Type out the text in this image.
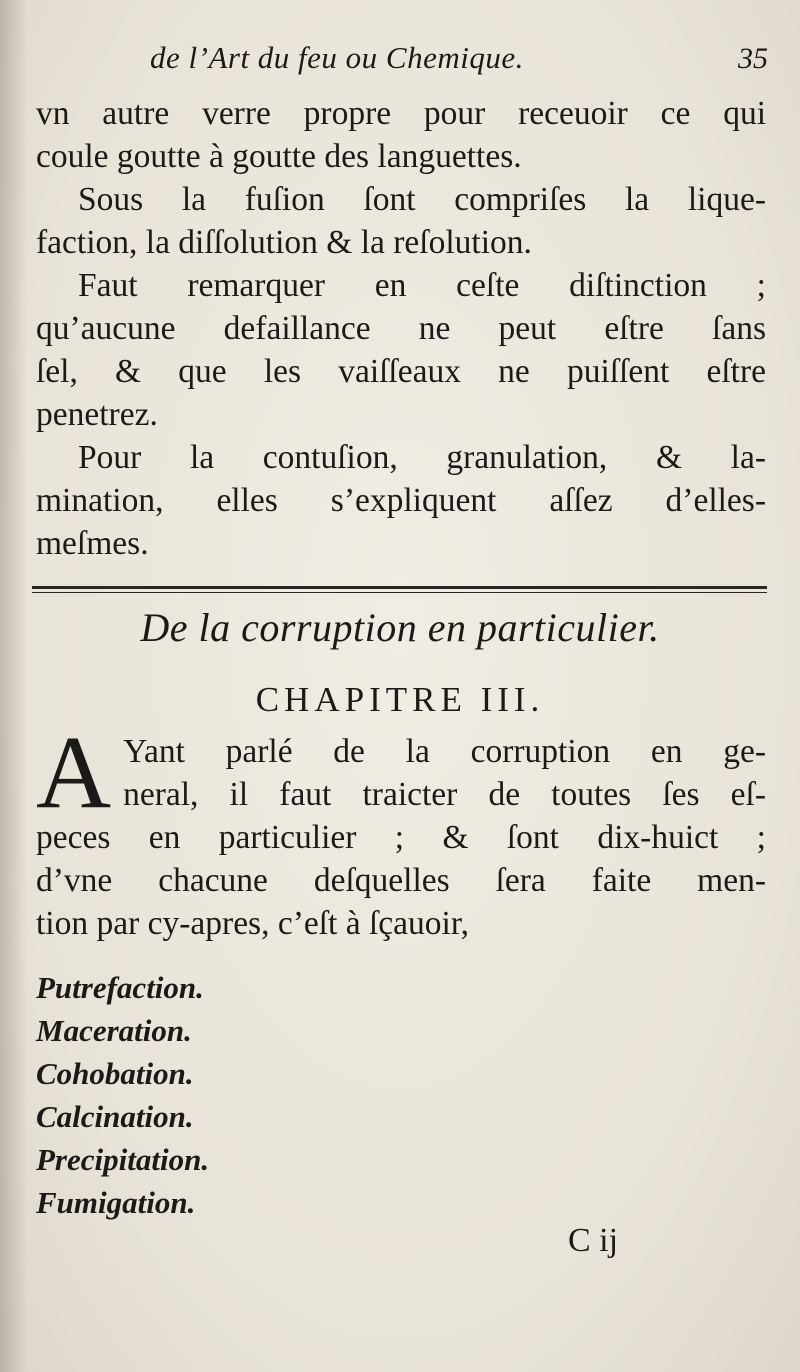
de l’Art du feu ou Chemique.	35
vn autre verre propre pour receuoir ce qui
coule goutte à goutte des languettes.
Sous la fuſion ſont compriſes la lique-
faction, la diſſolution & la reſolution.
Faut remarquer en ceſte diſtinction ;
qu’aucune defaillance ne peut eſtre ſans
ſel, & que les vaiſſeaux ne puiſſent eſtre
penetrez.
Pour la contuſion, granulation, & la-
mination, elles s’expliquent aſſez d’elles-
meſmes.
De la corruption en particulier.
CHAPITRE III.
A Yant parlé de la corruption en ge-
neral, il faut traicter de toutes ſes eſ-
peces en particulier ; & ſont dix-huict ;
d’vne chacune deſquelles ſera faite men-
tion par cy-apres, c’eſt à ſçauoir,
Putrefaction.
Maceration.
Cohobation.
Calcination.
Precipitation.
Fumigation.
C ij
